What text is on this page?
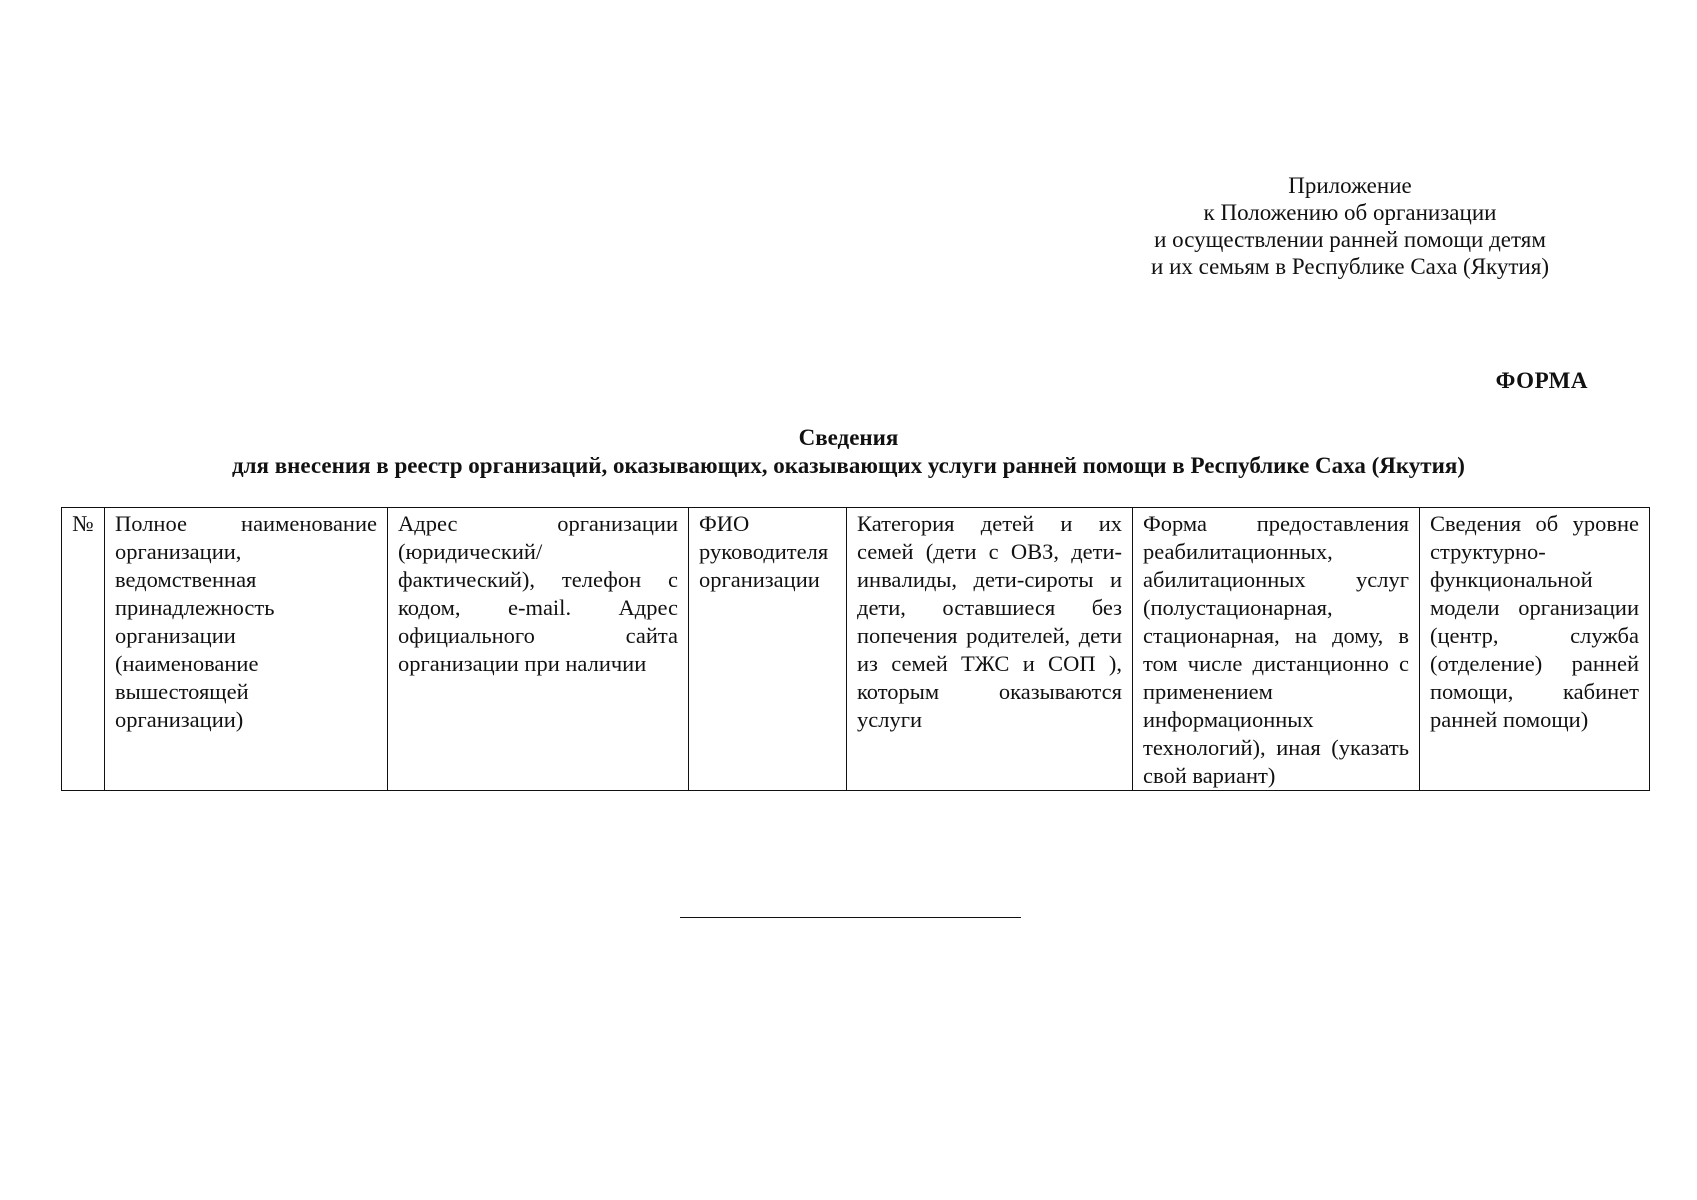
Приложение
к Положению об организации
и осуществлении ранней помощи детям
и их семьям в Республике Саха (Якутия)
ФОРМА
Сведения
для внесения в реестр организаций, оказывающих, оказывающих услуги ранней помощи в Республике Саха (Якутия)
№	Полное наименование организации, ведомственная принадлежность организации (наименование вышестоящей организации)	Адрес организации (юридический/фактический), телефон с кодом, e-mail. Адрес официального сайта организации при наличии	ФИО руководителя организации	Категория детей и их семей (дети с ОВЗ, дети-инвалиды, дети-сироты и дети, оставшиеся без попечения родителей, дети из семей ТЖС и СОП ), которым оказываются услуги	Форма предоставления реабилитационных, абилитационных услуг (полустационарная, стационарная, на дому, в том числе дистанционно с применением информационных технологий), иная (указать свой вариант)	Сведения об уровне структурно-функциональной модели организации (центр, служба (отделение) ранней помощи, кабинет ранней помощи)
